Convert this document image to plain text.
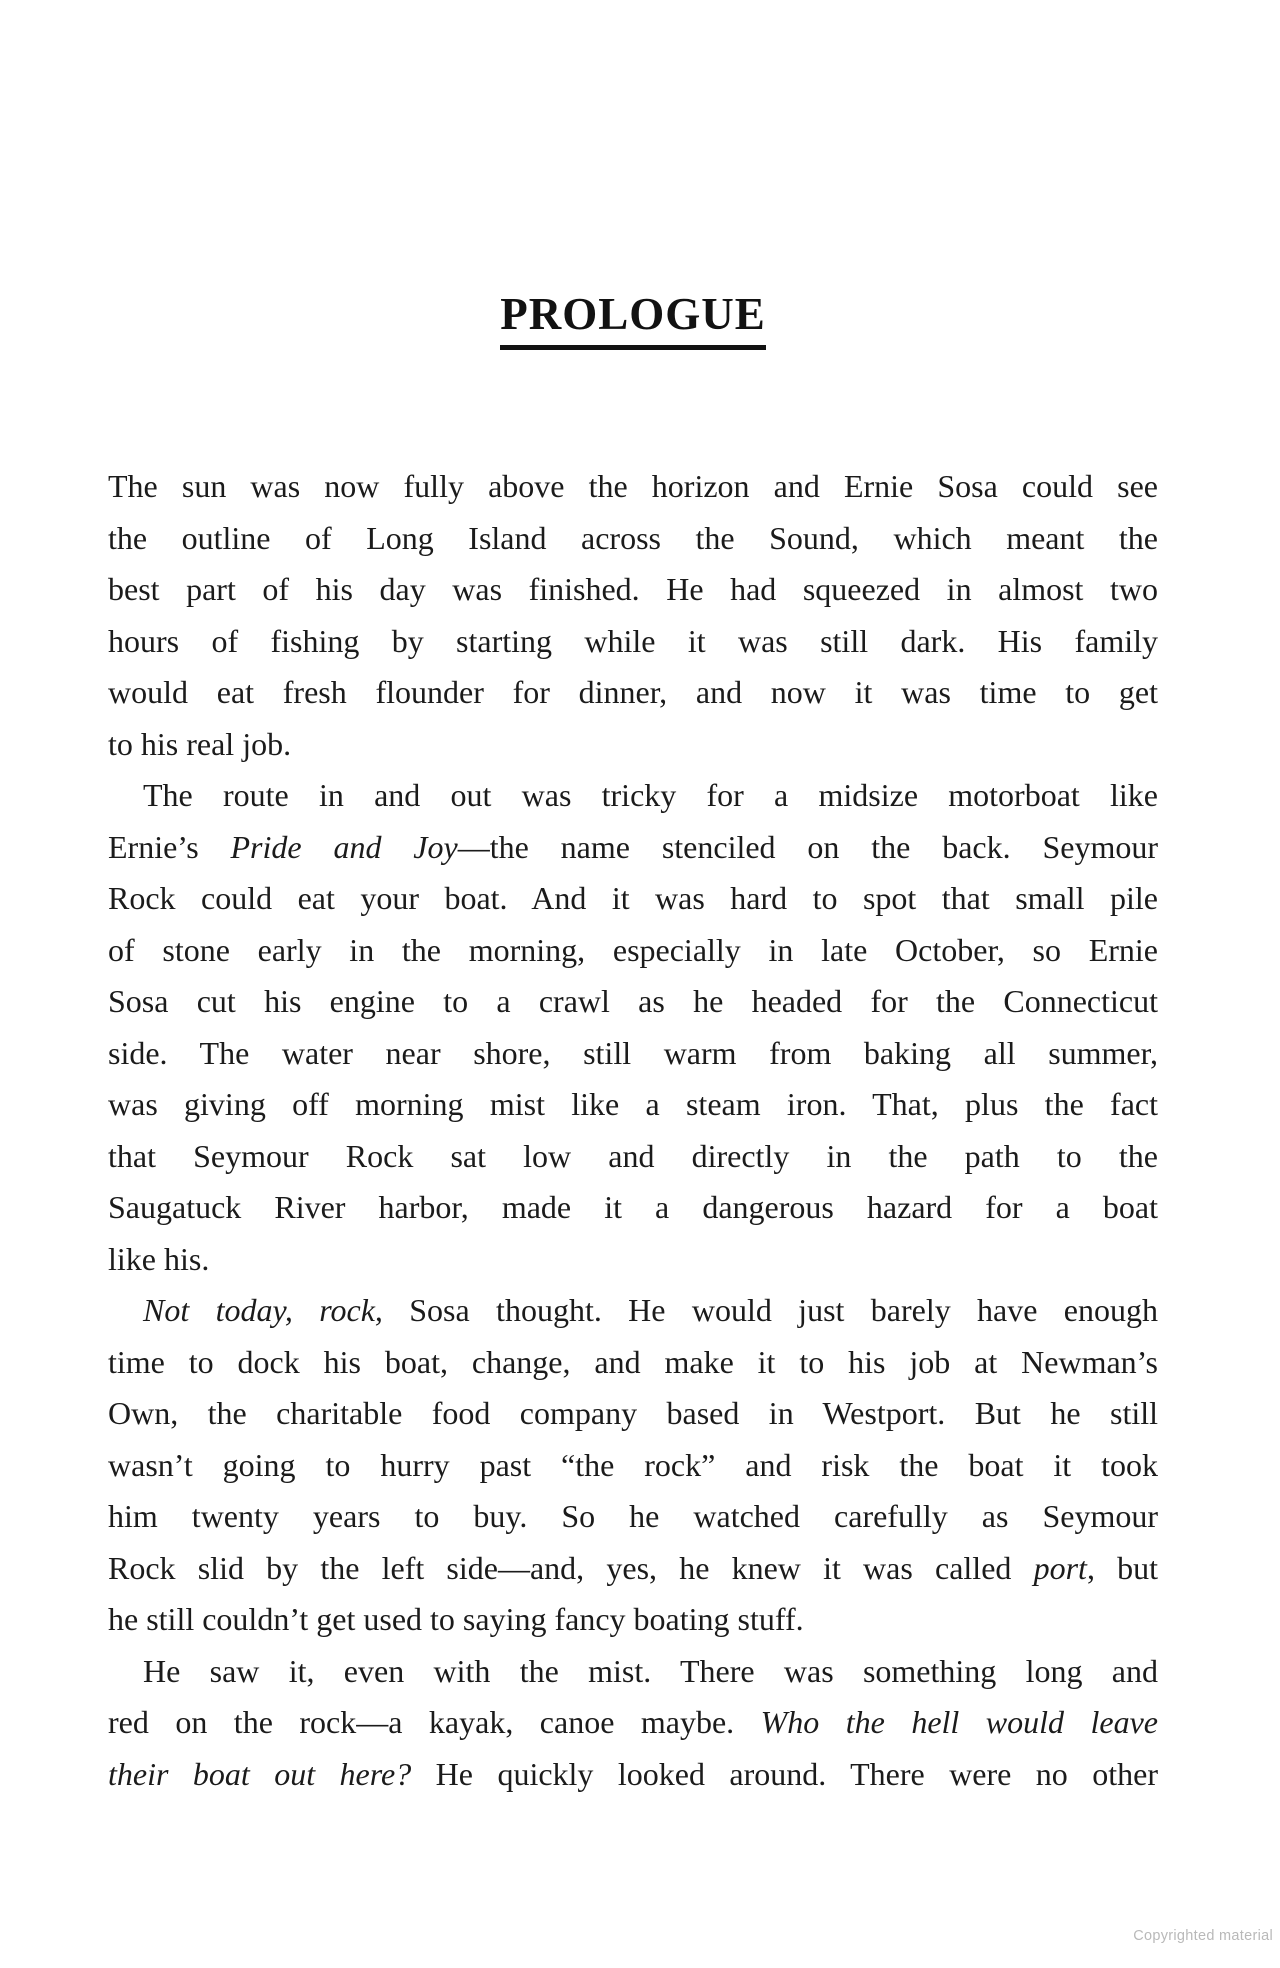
PROLOGUE
The sun was now fully above the horizon and Ernie Sosa could see
the outline of Long Island across the Sound, which meant the
best part of his day was finished. He had squeezed in almost two
hours of fishing by starting while it was still dark. His family
would eat fresh flounder for dinner, and now it was time to get
to his real job.
The route in and out was tricky for a midsize motorboat like
Ernie’s Pride and Joy—the name stenciled on the back. Seymour
Rock could eat your boat. And it was hard to spot that small pile
of stone early in the morning, especially in late October, so Ernie
Sosa cut his engine to a crawl as he headed for the Connecticut
side. The water near shore, still warm from baking all summer,
was giving off morning mist like a steam iron. That, plus the fact
that Seymour Rock sat low and directly in the path to the
Saugatuck River harbor, made it a dangerous hazard for a boat
like his.
Not today, rock, Sosa thought. He would just barely have enough
time to dock his boat, change, and make it to his job at Newman’s
Own, the charitable food company based in Westport. But he still
wasn’t going to hurry past “the rock” and risk the boat it took
him twenty years to buy. So he watched carefully as Seymour
Rock slid by the left side—and, yes, he knew it was called port, but
he still couldn’t get used to saying fancy boating stuff.
He saw it, even with the mist. There was something long and
red on the rock—a kayak, canoe maybe. Who the hell would leave
their boat out here? He quickly looked around. There were no other
Copyrighted material
